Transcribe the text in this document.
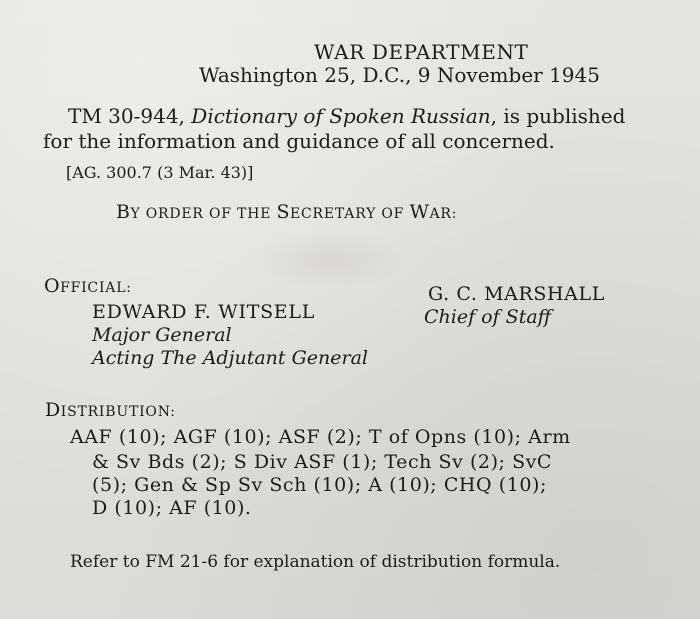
WAR DEPARTMENT
Washington 25, D.C., 9 November 1945
TM 30-944, Dictionary of Spoken Russian, is published
for the information and guidance of all concerned.
[AG. 300.7 (3 Mar. 43)]
BY ORDER OF THE SECRETARY OF WAR:
OFFICIAL:
EDWARD F. WITSELL
Major General
Acting The Adjutant General
G. C. MARSHALL
Chief of Staff
DISTRIBUTION:
AAF (10); AGF (10); ASF (2); T of Opns (10); Arm
& Sv Bds (2); S Div ASF (1); Tech Sv (2); SvC
(5); Gen & Sp Sv Sch (10); A (10); CHQ (10);
D (10); AF (10).
Refer to FM 21-6 for explanation of distribution formula.
